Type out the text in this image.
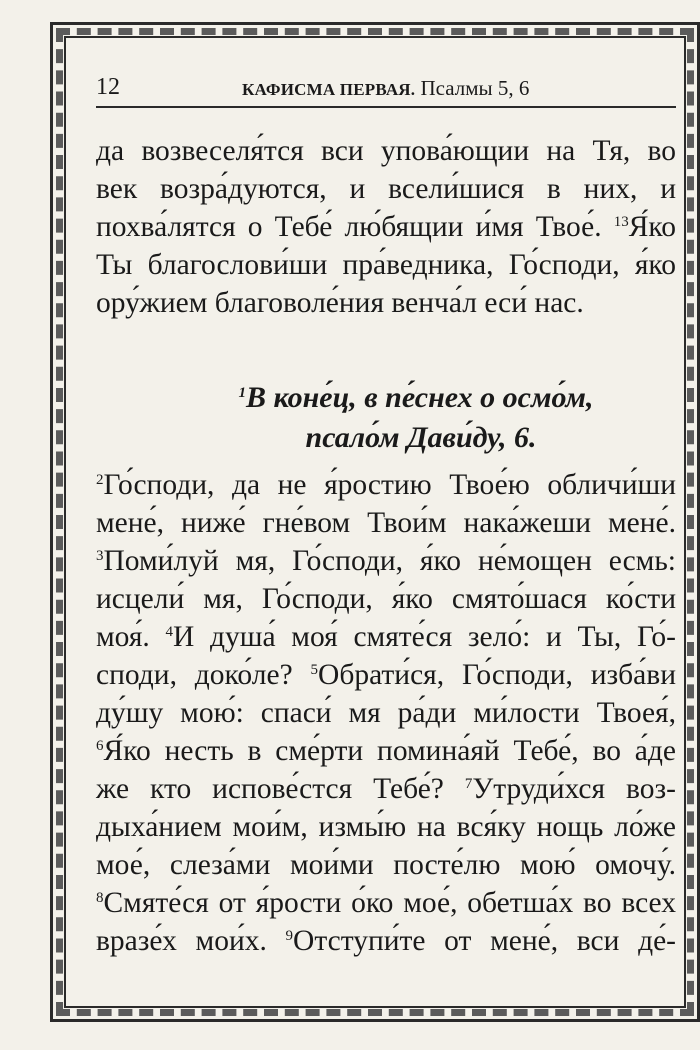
12	КАФИСМА ПЕРВАЯ. Псалмы 5, 6
да возвеселя́тся вси упова́ющии на Тя, во
век возра́дуются, и всели́шися в них, и
похва́лятся о Тебе́ лю́бящии и́мя Твое́. $^{13}$Я́ко
Ты благослови́ши пра́ведника, Го́споди, я́ко
ору́жием благоволе́ния венча́л еси́ нас.
$^1$В коне́ц, в пе́снех о осмо́м,
псало́м Дави́ду, 6.
$^2$Го́споди, да не я́ростию Твое́ю обличи́ши
мене́, ниже́ гне́вом Твои́м нака́жеши мене́.
$^3$Поми́луй мя, Го́споди, я́ко не́мощен есмь:
исцели́ мя, Го́споди, я́ко смято́шася ко́сти
моя́. $^4$И душа́ моя́ смяте́ся зело́: и Ты, Го́-
споди, доко́ле? $^5$Обрати́ся, Го́споди, изба́ви
ду́шу мою́: спаси́ мя ра́ди ми́лости Твоея́,
$^6$Я́ко несть в сме́рти помина́яй Тебе́, во а́де
же кто испове́стся Тебе́? $^7$Утруди́хся воз-
дыха́нием мои́м, измы́ю на вся́ку нощь ло́же
мое́, слеза́ми мои́ми посте́лю мою́ омочу́.
$^8$Смяте́ся от я́рости о́ко мое́, обетша́х во всех
вразе́х мои́х. $^9$Отступи́те от мене́, вси де́-
